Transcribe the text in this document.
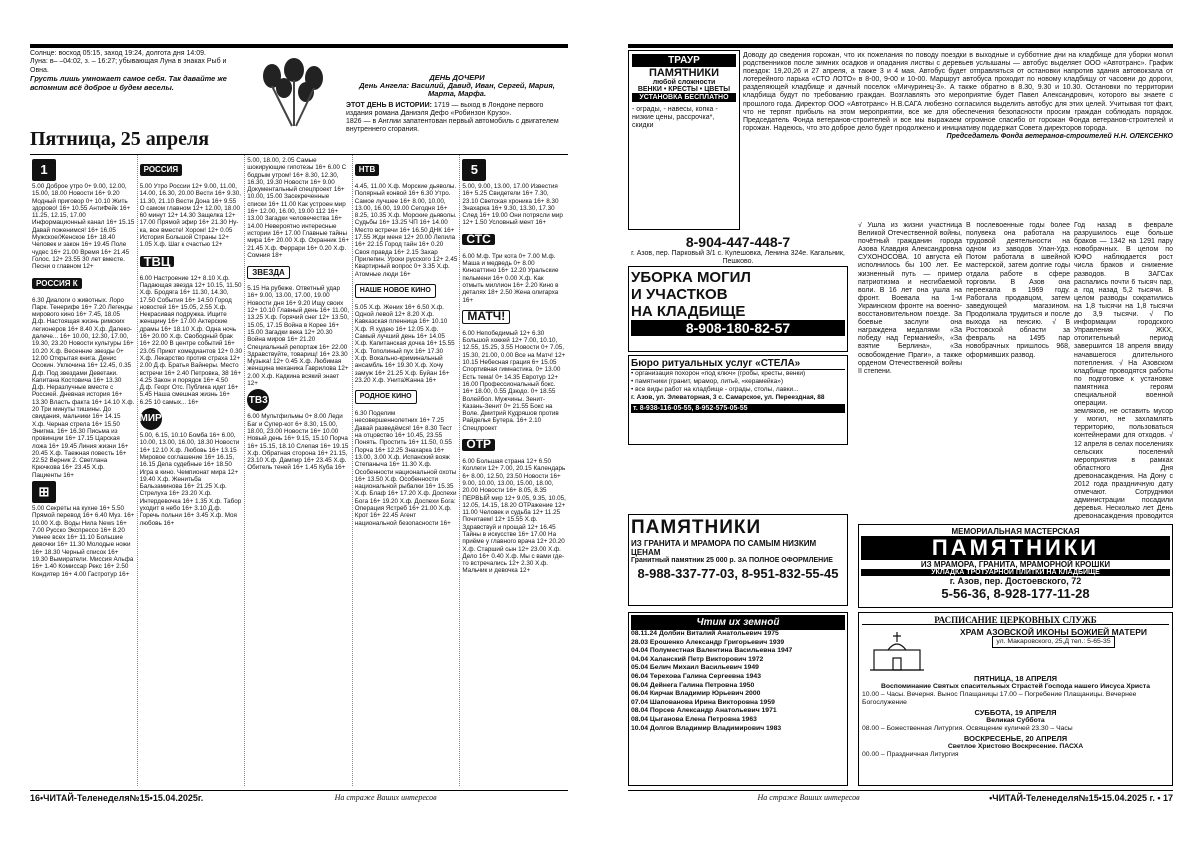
Солнце: восход 05:15, заход 19:24, долгота дня 14:09.
Луна: в– –04:02, з. – 16:27; убывающая Луна в знаках Рыб и Овна.
Грусть лишь умножает самое себя. Так давайте же вспомним всё доброе и будем веселы.
Пятница, 25 апреля
ДЕНЬ ДОЧЕРИ
День Ангела: Василий, Давид, Иван, Сергей, Мария, Марта, Марфа.
ЭТОТ ДЕНЬ В ИСТОРИИ: 1719 — выход в Лондоне первого издания романа Даниэля Дефо «Робинзон Крузо».
1826 — в Англии запатентован первый автомобиль с двигателем внутреннего сгорания.
1
5.00 Доброе утро 0+ 9.00, 12.00, 15.00, 18.00 Новости 16+ 9.20 Модный приговор 0+ 10.10 Жить здорово! 16+ 10.55 АнтиФейк 16+ 11.25, 12.15, 17.00 Информационный канал 16+ 15.15 Давай поженимся! 16+ 16.05 Мужское/Женское 16+ 18.40 Человек и закон 16+ 19.45 Поле чудес 16+ 21.00 Время 16+ 21.45 Голос. 12+ 23.55 30 лет вместе. Песни о главном 12+
РОССИЯ К
6.30 Диалоги о животных. Лоро Парк. Тенерифе 16+ 7.20 Легенды мирового кино 16+ 7.45, 18.05 Д.ф. Настоящая жизнь римских легионеров 16+ 8.40 Х.ф. Далеко-далече... 16+ 10.00, 12.30, 17.00, 19.30, 23.20 Новости культуры 16+ 10.20 Х.ф. Весенние звезды 0+ 12.00 Открытая книга. Денис Осокин. Уключина 16+ 12.45, 0.35 Д.ф. Под звездами Деветаки. Капитана Костовича 16+ 13.30 Д.ф. Неразлучные вместе с Россией. Дневная история 16+ 13.30 Власть факта 16+ 14.10 Х.ф. 20 Три минуты тишины. До свидания, мальчики 16+ 14.15 Х.ф. Черная стрела 16+ 15.50 Энигма. 16+ 16.30 Письма из провинции 16+ 17.15 Царская ложа 16+ 19.45 Линия жизни 16+ 20.45 Х.ф. Таежная повесть 16+ 22.52 Верник 2. Светлана Крючкова 16+ 23.45 Х.ф. Пациенты 16+
⊞
5.00 Секреты на кухне 16+ 5.50 Прямой перевод 16+ 6.40 Муз. 16+ 10.00 Х.ф. Воды Нила News 16+ 7.00 Русско Экспрессо 16+ 8.20 Умнее всех 16+ 11.10 Большие девочки 16+ 11.30 Молодые ножи 16+ 18.30 Черный список 16+ 19.30 Вымиратели. Миссия Альфа 16+ 1.40 Комиссар Рекс 16+ 2.50 Кондитер 16+ 4.00 Гастротур 16+
РОССИЯ
5.00 Утро России 12+ 9.00, 11.00, 14.00, 16.30, 20.00 Вести 16+ 9.30, 11.30, 21.10 Вести Дона 16+ 9.55 О самом главном 12+ 12.00, 18.00 60 минут 12+ 14.30 Защелка 12+ 17.00 Прямой эфир 16+ 21.30 Ну-ка, все вместе! Хором! 12+ 0.05 История Большой Страны 12+ 1.05 Х.ф. Шаг к счастью 12+
ТВЦ
6.00 Настроение 12+ 8.10 Х.ф. Падающая звезда 12+ 10.15, 11.50 Х.ф. Бродяга 16+ 11.30, 14.30, 17.50 События 16+ 14.50 Город новостей 16+ 15.05, 2.55 Х.ф. Некрасивая подружка. Ищите женщину 16+ 17.00 Актерские драмы 16+ 18.10 Х.ф. Одна ночь 16+ 20.00 Х.ф. Свободный брак 16+ 22.00 В центре событий 16+ 23.05 Приют комедиантов 12+ 0.30 Х.ф. Лекарство против страха 12+ 2.00 Д.ф. Братья Вайнеры. Место встречи 16+ 2.40 Петровка, 38 16+ 4.25 Закон и порядок 16+ 4.50 Д.ф. Георг Отс. Публика идет 16+ 5.45 Наша смешная жизнь 16+ 6.25 10 самых... 16+
МИР
5.00, 6.15, 10.10 Бомба 16+ 6.00, 10.00, 13.00, 16.00, 18.30 Новости 16+ 12.10 Х.ф. Любовь 16+ 13.15 Мировое соглашение 16+ 16.15, 16.15 Дела судебные 16+ 18.50 Игра в кино. Чемпионат мира 12+ 19.40 Х.ф. Женитьба Бальзаминова 16+ 21.25 Х.ф. Стрелуха 16+ 23.20 Х.ф. Интердевочка 16+ 1.35 Х.ф. Табор уходит в небо 16+ 3.10 Д.ф. Горечь польни 16+ 3.45 Х.ф. Моя любовь 16+
5.00, 18.00, 2.05 Самые шокирующие гипотезы 16+ 6.00 С бодрым утром! 16+ 8.30, 12.30, 16.30, 19.30 Новости 16+ 9.00 Документальный спецпроект 16+ 10.00, 15.00 Засекреченные списки 16+ 11.00 Как устроен мир 16+ 12.00, 16.00, 19.00 112 16+ 13.00 Загадки человечества 16+ 14.00 Невероятно интересные истории 16+ 17.00 Главные тайны мира 16+ 20.00 Х.ф. Охранник 16+ 21.45 Х.ф. Феррари 16+ 0.20 Х.ф. Сомния 18+
ЗВЕЗДА
5.15 На рубеже. Ответный удар 16+ 9.00, 13.00, 17.00, 19.00 Новости дня 16+ 9.20 Ищу своих 12+ 10.10 Главный день 16+ 11.00, 13.25 Х.ф. Горячий снег 12+ 13.50, 15.05, 17.15 Война в Корее 16+ 15.00 Загадки века 12+ 20.30 Война миров 16+ 21.20 Специальный репортаж 16+ 22.00 Здравствуйте, товарищ! 16+ 23.30 Музыка! 12+ 0.45 Х.ф. Любимая женщина механика Гаврилова 12+ 2.00 Х.ф. Кадкина всякий знает 12+
ТВ3
6.00 Мультфильмы 0+ 8.00 Леди Баг и Супер-кот 6+ 8.30, 15.00, 18.00, 23.00 Новости 16+ 10.00 Новый день 16+ 9.15, 15.10 Порча 16+ 15.15, 18.10 Слепая 16+ 19.15 Х.ф. Обратная сторона 16+ 21.15, 23.10 Х.ф. Дампир 16+ 23.45 Х.ф. Обитель теней 16+ 1.45 Куба 16+
НТВ
4.45, 11.00 Х.ф. Морские дьяволы. Полярный конвой 16+ 6.30 Утро. Самое лучшее 16+ 8.00, 10.00, 13.00, 16.00, 19.00 Сегодня 16+ 8.25, 10.35 Х.ф. Морские дьяволы. Судьбы 16+ 13.25 ЧП 16+ 14.00 Место встречи 16+ 16.50 ДНК 16+ 17.55 Жди меня 12+ 20.00 Лепила 16+ 22.15 Город тайн 16+ 0.20 Своя правда 16+ 2.15 Захар Прилепин. Уроки русского 12+ 2.45 Квартирный вопрос 0+ 3.35 Х.ф. Атомные люди 16+
НАШЕ НОВОЕ КИНО
5.05 Х.ф. Жених 16+ 6.50 Х.ф. Одной левой 12+ 8.20 Х.ф. Кавказская пленница 16+ 10.10 Х.ф. Я худею 16+ 12.05 Х.ф. Самый лучший день 16+ 14.05 Х.ф. Капитанская дочка 16+ 15.55 Х.ф. Тополиный пух 16+ 17.30 Х.ф. Вокально-криминальный ансамбль 16+ 19.30 Х.ф. Хочу замуж 16+ 21.25 Х.ф. Буйан 16+ 23.20 Х.ф. УнитаЖанна 16+
РОДНОЕ КИНО
6.30 Поделим несовершеннолетних 16+ 7.25 Давай разведёмся! 16+ 8.30 Тест на отцовство 16+ 10.45, 23.55 Понять. Простить 16+ 11.50, 0.55 Порча 16+ 12.25 Знахарка 16+ 13.00, 3.00 Х.ф. Испанский вояж Степаныча 16+ 11.30 Х.ф. Особенности национальной охоты 16+ 13.50 Х.ф. Особенности национальной рыбалки 16+ 15.35 Х.ф. Блаф 16+ 17.20 Х.ф. Доспехи Бога 16+ 19.20 Х.ф. Доспехи Бога: Операция Ястреб 16+ 21.00 Х.ф. Крот 16+ 22.45 Агент национальной безопасности 16+
5
5.00, 9.00, 13.00, 17.00 Известия 16+ 5.25 Свидетели 16+ 7.30, 23.10 Светская хроника 16+ 8.30 Знахарка 16+ 9.30, 13.30, 17.30 След 16+ 19.00 Они потрясли мир 12+ 1.50 Условный мент 16+
СТС
6.00 М.ф. Три кота 0+ 7.00 М.ф. Маша и медведь 0+ 8.00 Киноаттино 16+ 12.20 Уральские пельмени 16+ 0.00 Х.ф. Как отмыть миллион 16+ 2.20 Кино в деталях 18+ 2.50 Жена олигарха 16+
МАТЧ!
6.00 Непобедимый 12+ 6.30 Большой хоккей 12+ 7.00, 10.10, 12.55, 15.25, 3.55 Новости 0+ 7.05, 15.30, 21.00, 0.00 Все на Матч! 12+ 10.15 Небесная грация 6+ 15.05 Спортивная гимнастика. 0+ 13.00 Есть тема! 0+ 14.35 Евротур 12+ 16.00 Профессиональный бокс. 16+ 18.00, 0.55 Дзюдо. 0+ 18.55 Волейбол. Мужчины. Зенит-Казань-Зенит 0+ 21.55 Бокс на Воле. Дмитрий Кудряшов против Райделья Бутера. 16+ 2.10 Спецпроект
ОТР
6.00 Большая страна 12+ 6.50 Коллеги 12+ 7.00, 20.15 Календарь 6+ 8.00, 12.50, 23.50 Новости 16+ 9.00, 10.00, 13.00, 15.00, 18.00, 20.00 Новости 16+ 8.05, 8.35 ПЕРВЫЙ мир 12+ 9.05, 9.35, 10.05, 12.05, 14.15, 18.20 ОТРажение 12+ 11.00 Человек и судьба 12+ 11.25 Почитаем! 12+ 15.55 Х.ф. Здравствуй и прощай 12+ 16.45 Тайны в искусстве 16+ 17.00 На приёме у главного врача 12+ 20.20 Х.ф. Старший сын 12+ 23.00 Х.ф. Дело 16+ 0.40 Х.ф. Мы с вами где-то встречались 12+ 2.30 Х.ф. Мальчик и девочка 12+
16•ЧИТАЙ-Теленеделя№15•15.04.2025г.	На страже Ваших интересов
ТРАУР
ПАМЯТНИКИ
любой сложности
ВЕНКИ • КРЕСТЫ • ЦВЕТЫ
УСТАНОВКА БЕСПЛАТНО
- ограды, - навесы, копка - низкие цены, рассрочка*, скидки
8-904-447-448-7
г. Азов, пер. Парковый 3/1 с. Кулешовка, Ленина 324е. Кагальник, Пешково.
УБОРКА МОГИЛ
И УЧАСТКОВ
НА КЛАДБИЩЕ
8-908-180-82-57
Бюро ритуальных услуг «СТЕЛА»
• организация похорон «под ключ» (гробы, кресты, венки)
• памятники (гранит, мрамор, литьё, «керамейка»)
• все виды работ на кладбище - ограды, столы, лавки...
г. Азов, ул. Элеваторная, 3 с. Самарское, ул. Переездная, 88
т. 8-938-116-05-55, 8-952-575-05-55
Доводу до сведения горожан, что их пожелания по поводу поездки в выходные и субботние дни на кладбище для уборки могил родственников после зимних осадков и опадания листвы с деревьев услышаны — автобус выделяет ООО «Автотранс». График поездок: 19,20,26 и 27 апреля, а также 3 и 4 мая. Автобус будет отправляться от остановки напротив здания автовокзала от лотерейного ларька «СТО ЛОТО» в 8-00, 9-00 и 10-00. Маршрут автобуса проходит по новому кладбищу от часовни до дороги, разделяющей кладбище и дачный поселок «Мичуринец-3». А также обратно в 8.30, 9.30 и 10.30. Остановки по территории кладбища будут по требованию граждан. Возглавлять это мероприятие будет Павел Александрович, которого вы знаете с прошлого года. Директор ООО «Автотранс» Н.В.САГА любезно согласился выделить автобус для этих целей. Учитывая тот факт, что не терпят прибыль на этом мероприятии, все же для обеспечения безопасности просим граждан соблюдать порядок. Председатель Фонда ветеранов-строителей и все мы выражаем огромное спасибо от горожан Фонда ветеранов-строителей и горожан. Надеюсь, что это доброе дело будет продолжено и инициативу поддержат Совета директоров города.
Председатель Фонда ветеранов-строителей Н.Н. ОЛЕКСЕНКО
√ Ушла из жизни участница Великой Отечественной войны, почётный гражданин города Азова Клавдия Александровна СУХОНОСОВА. 10 августа ей исполнилось бы 100 лет. Ее жизненный путь — пример патриотизма и несгибаемой воли. В 16 лет она ушла на фронт. Воевала на 1-м Украинском фронте на военно-восстановительном поезде. За боевые заслуги она награждена медалями «За победу над Германией», «За взятие Берлина», «За освобождение Праги», а также орденом Отечественной войны II степени.
В послевоенные годы более полувека она работала на трудовой деятельности на одном из заводов Улан-Удэ. Потом работала в швейной мастерской, затем долгие годы отдала работе в сфере торговли. В Азов она переехала в 1969 году. Работала продавцом, затем заведующей магазином. Продолжала трудиться и после выхода на пенсию. √ В Ростовской области за февраль на 1495 пар новобрачных пришлось 968, оформивших развод.
Год назад в феврале разрушилось еще больше браков — 1342 на 1291 пару новобрачных. В целом по ЮФО наблюдается рост числа браков и снижение разводов. В ЗАГСах распались почти 6 тысяч пар, а год назад 5,2 тысячи. В целом разводы сократились на 1,8 тысячи на 1,8 тысячи до 3,9 тысячи. √ По информации городского Управления ЖКХ, отопительный период завершится 18 апреля ввиду начавшегося длительного потепления. √ На Азовском кладбище проводятся работы по подготовке к установке памятника героям специальной военной операции.
земляков, не оставить мусор у могил, не захламлять территорию, пользоваться контейнерами для отходов. √ 12 апреля в селах поселениях сельских поселений мероприятия в рамках областного Дня древонасаждения. На Дону с 2012 года праздничную дату отмечают. Сотрудники администрации посадили деревья. Несколько лет День древонасаждения проводится
ПАМЯТНИКИ
ИЗ ГРАНИТА И МРАМОРА ПО САМЫМ НИЗКИМ ЦЕНАМ
Гранитный памятник 25 000 р. ЗА ПОЛНОЕ ОФОРМЛЕНИЕ
8-988-337-77-03, 8-951-832-55-45
Чтим их земной
08.11.24 Долбин Виталий Анатольевич 1975
28.03 Ерошенко Александр Григорьевич 1939
04.04 Полуместная Валентина Васильевна 1947
04.04 Халанский Петр Викторович 1972
05.04 Белич Михаил Васильевич 1949
06.04 Терехова Галина Сергеевна 1943
06.04 Дейнега Галина Петровна 1950
06.04 Кирчак Владимир Юрьевич 2000
07.04 Шапованова Ирина Викторовна 1959
08.04 Порсев Александр Анатольевич 1971
08.04 Цыганова Елена Петровна 1963
10.04 Долгов Владимир Владимирович 1983
РАСПИСАНИЕ ЦЕРКОВНЫХ СЛУЖБ
ХРАМ АЗОВСКОЙ ИКОНЫ БОЖИЕЙ МАТЕРИ
ул. Макаровского, 25,Д тел.: 5-65-35
ПЯТНИЦА, 18 АПРЕЛЯ
Воспоминание Святых спасительных Страстей Господа нашего Иисуса Христа
10.00 – Часы. Вечерня. Вынос Плащаницы 17.00 – Погребение Плащаницы. Вечернее Богослужение
СУББОТА, 19 АПРЕЛЯ
Великая Суббота
08.00 – Божественная Литургия. Освящение куличей 23.30 – Часы
ВОСКРЕСЕНЬЕ, 20 АПРЕЛЯ
Светлое Христово Воскресение. ПАСХА
00.00 – Праздничная Литургия
На страже Ваших интересов	•ЧИТАЙ-Теленеделя№15•15.04.2025 г. • 17
МЕМОРИАЛЬНАЯ МАСТЕРСКАЯ
ПАМЯТНИКИ
ИЗ МРАМОРА, ГРАНИТА, МРАМОРНОЙ КРОШКИ
УКЛАДКА ТРОТУАРНОЙ ПЛИТКИ НА КЛАДБИЩЕ
г. Азов, пер. Достоевского, 72
5-56-36, 8-928-177-11-28
